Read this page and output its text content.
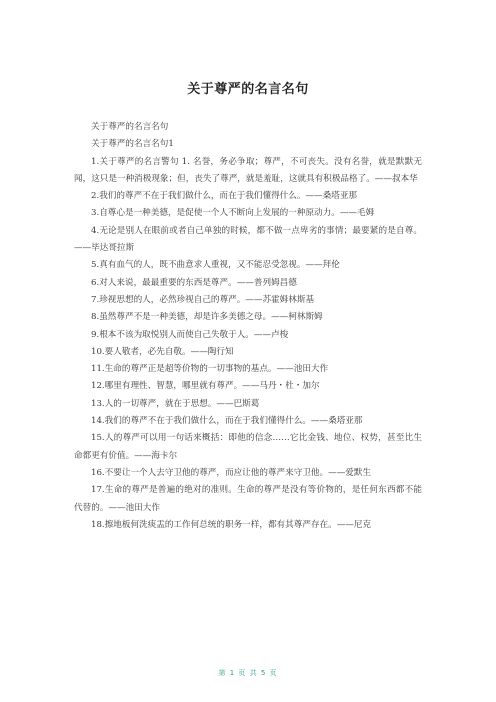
关于尊严的名言名句

关于尊严的名言名句

关于尊严的名言名句1

1.关于尊严的名言警句 1. 名誉，务必争取；尊严，不可丧失。没有名誉，就是默默无闻，这只是一种消极现象；但，丧失了尊严，就是羞耻，这就具有积极品格了。——叔本华

2.我们的尊严不在于我们做什么，而在于我们懂得什么。——桑塔亚那

3.自尊心是一种美德，是促使一个人不断向上发展的一种原动力。——毛姆

4.无论是别人在眼前或者自己单独的时候，都不做一点卑劣的事情；最要紧的是自尊。——毕达哥拉斯

5.真有血气的人，既不曲意求人重视，又不能忍受忽视。——拜伦

6.对人来说，最最重要的东西是尊严。——普列姆昌德

7.珍视思想的人，必然珍视自己的尊严。——苏霍姆林斯基

8.虽然尊严不是一种美德，却是许多美德之母。——柯林斯姆

9.根本不该为取悦别人而使自己失敬于人。——卢梭

10.要人敬者，必先自敬。——陶行知

11.生命的尊严正是超等价物的一切事物的基点。——池田大作

12.哪里有理性、智慧，哪里就有尊严。——马丹・杜・加尔

13.人的一切尊严，就在于思想。——巴斯葛

14.我们的尊严不在于我们做什么，而在于我们懂得什么。——桑塔亚那

15.人的尊严可以用一句话来概括：即他的信念……它比金钱、地位、权势，甚至比生命都更有价值。——海卡尔

16.不要让一个人去守卫他的尊严，而应让他的尊严来守卫他。——爱默生

17.生命的尊严是普遍的绝对的准则。生命的尊严是没有等价物的，是任何东西都不能代替的。——池田大作

18.擦地板何洗痰盂的工作何总统的职务一样，都有其尊严存在。——尼克

第 1 页 共 5 页
